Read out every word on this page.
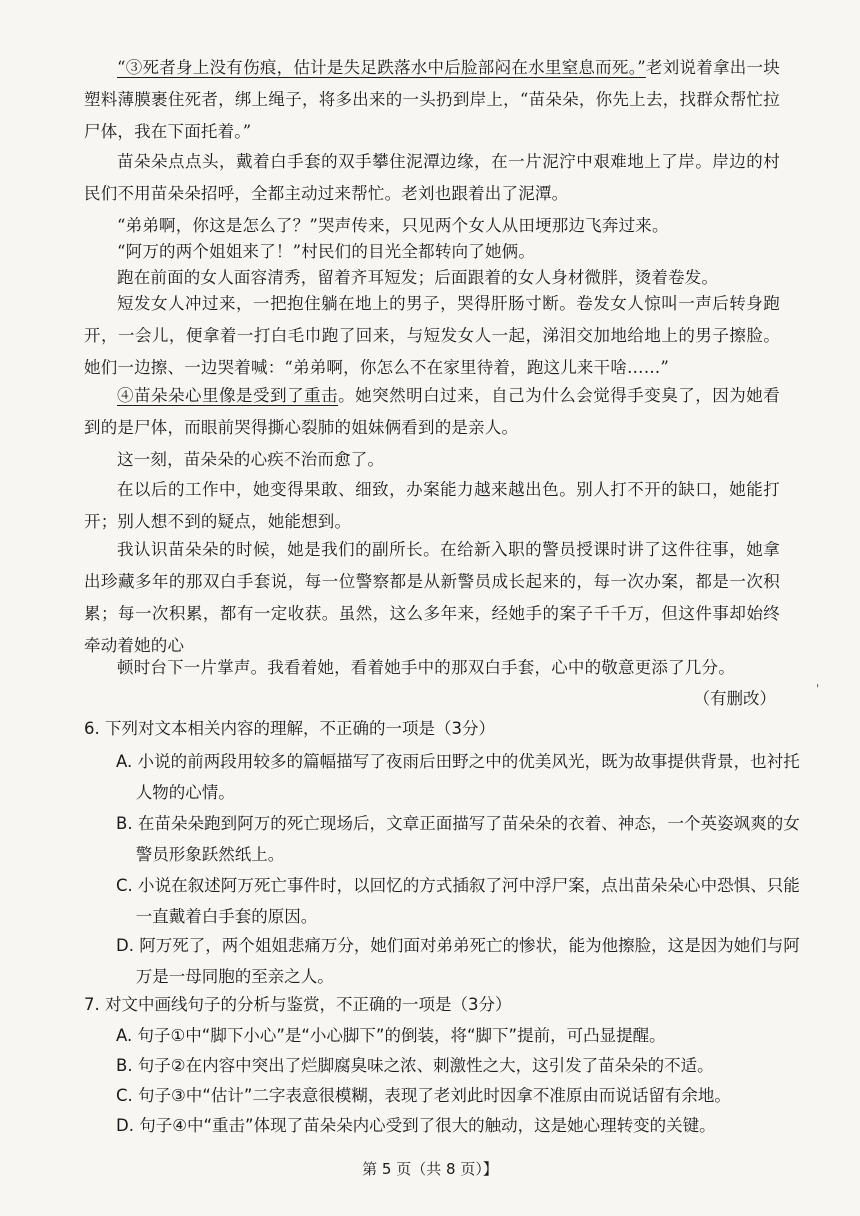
“③死者身上没有伤痕，估计是失足跌落水中后脸部闷在水里窒息而死。”老刘说着拿出一块塑料薄膜裹住死者，绑上绳子，将多出来的一头扔到岸上，“苗朵朵，你先上去，找群众帮忙拉尸体，我在下面托着。”

苗朵朵点点头，戴着白手套的双手攀住泥潭边缘，在一片泥泞中艰难地上了岸。岸边的村民们不用苗朵朵招呼，全都主动过来帮忙。老刘也跟着出了泥潭。

“弟弟啊，你这是怎么了？”哭声传来，只见两个女人从田埂那边飞奔过来。

“阿万的两个姐姐来了！”村民们的目光全都转向了她俩。

跑在前面的女人面容清秀，留着齐耳短发；后面跟着的女人身材微胖，烫着卷发。

短发女人冲过来，一把抱住躺在地上的男子，哭得肝肠寸断。卷发女人惊叫一声后转身跑开，一会儿，便拿着一打白毛巾跑了回来，与短发女人一起，涕泪交加地给地上的男子擦脸。她们一边擦、一边哭着喊：“弟弟啊，你怎么不在家里待着，跑这儿来干啥……”

④苗朵朵心里像是受到了重击。她突然明白过来，自己为什么会觉得手变臭了，因为她看到的是尸体，而眼前哭得撕心裂肺的姐妹俩看到的是亲人。

这一刻，苗朵朵的心疾不治而愈了。

在以后的工作中，她变得果敢、细致，办案能力越来越出色。别人打不开的缺口，她能打开；别人想不到的疑点，她能想到。

我认识苗朵朵的时候，她是我们的副所长。在给新入职的警员授课时讲了这件往事，她拿出珍藏多年的那双白手套说，每一位警察都是从新警员成长起来的，每一次办案，都是一次积累；每一次积累，都有一定收获。虽然，这么多年来，经她手的案子千千万，但这件事却始终牵动着她的心

顿时台下一片掌声。我看着她，看着她手中的那双白手套，心中的敬意更添了几分。

（有删改）	'
6. 下列对文本相关内容的理解，不正确的一项是（3分）
A. 小说的前两段用较多的篇幅描写了夜雨后田野之中的优美风光，既为故事提供背景，也衬托人物的心情。
B. 在苗朵朵跑到阿万的死亡现场后，文章正面描写了苗朵朵的衣着、神态，一个英姿飒爽的女警员形象跃然纸上。
C. 小说在叙述阿万死亡事件时，以回忆的方式插叙了河中浮尸案，点出苗朵朵心中恐惧、只能一直戴着白手套的原因。
D. 阿万死了，两个姐姐悲痛万分，她们面对弟弟死亡的惨状，能为他擦脸，这是因为她们与阿万是一母同胞的至亲之人。
7. 对文中画线句子的分析与鉴赏，不正确的一项是（3分）
A. 句子①中“脚下小心”是“小心脚下”的倒装，将“脚下”提前，可凸显提醒。
B. 句子②在内容中突出了烂脚腐臭味之浓、刺激性之大，这引发了苗朵朵的不适。
C. 句子③中“估计”二字表意很模糊，表现了老刘此时因拿不准原由而说话留有余地。
D. 句子④中“重击”体现了苗朵朵内心受到了很大的触动，这是她心理转变的关键。
第 5 页（共 8 页）】
